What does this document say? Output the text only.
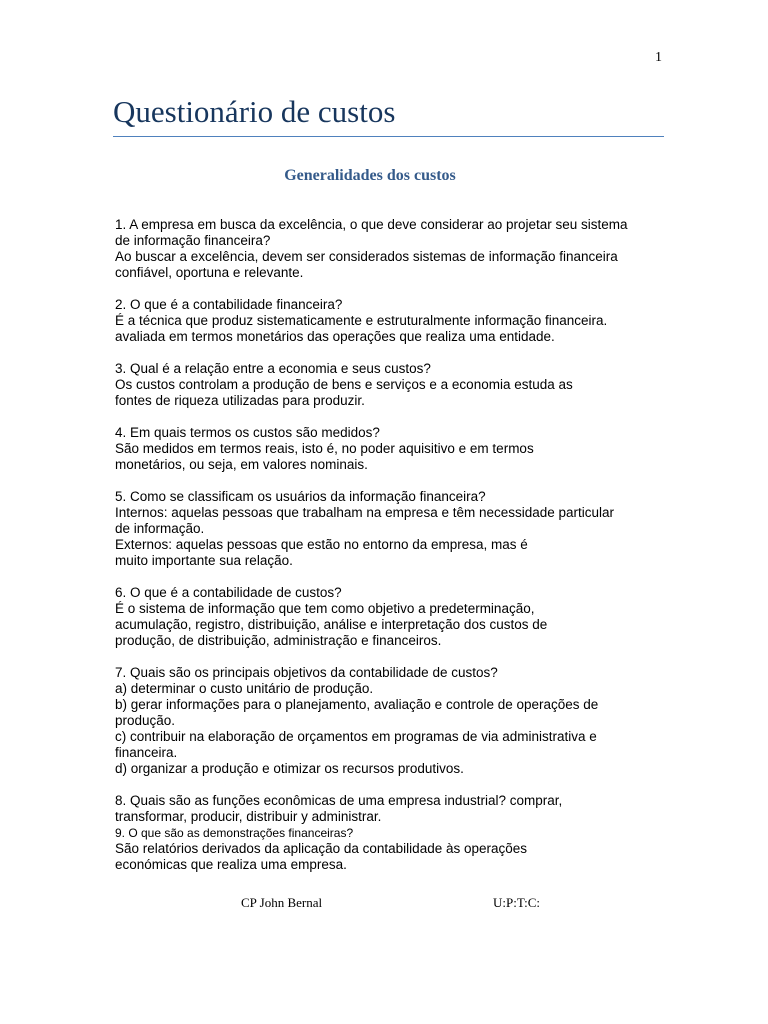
1
Questionário de custos
Generalidades dos custos
1. A empresa em busca da excelência, o que deve considerar ao projetar seu sistema
de informação financeira?
Ao buscar a excelência, devem ser considerados sistemas de informação financeira
confiável, oportuna e relevante.
2. O que é a contabilidade financeira?
É a técnica que produz sistematicamente e estruturalmente informação financeira.
avaliada em termos monetários das operações que realiza uma entidade.
3. Qual é a relação entre a economia e seus custos?
Os custos controlam a produção de bens e serviços e a economia estuda as
fontes de riqueza utilizadas para produzir.
4. Em quais termos os custos são medidos?
São medidos em termos reais, isto é, no poder aquisitivo e em termos
monetários, ou seja, em valores nominais.
5. Como se classificam os usuários da informação financeira?
Internos: aquelas pessoas que trabalham na empresa e têm necessidade particular
de informação.
Externos: aquelas pessoas que estão no entorno da empresa, mas é
muito importante sua relação.
6. O que é a contabilidade de custos?
É o sistema de informação que tem como objetivo a predeterminação,
acumulação, registro, distribuição, análise e interpretação dos custos de
produção, de distribuição, administração e financeiros.
7. Quais são os principais objetivos da contabilidade de custos?
a) determinar o custo unitário de produção.
b) gerar informações para o planejamento, avaliação e controle de operações de
produção.
c) contribuir na elaboração de orçamentos em programas de via administrativa e
financeira.
d) organizar a produção e otimizar os recursos produtivos.
8. Quais são as funções econômicas de uma empresa industrial? comprar,
transformar, producir, distribuir y administrar.
9. O que são as demonstrações financeiras?
São relatórios derivados da aplicação da contabilidade às operações
económicas que realiza uma empresa.
CP John Bernal	U:P:T:C:
